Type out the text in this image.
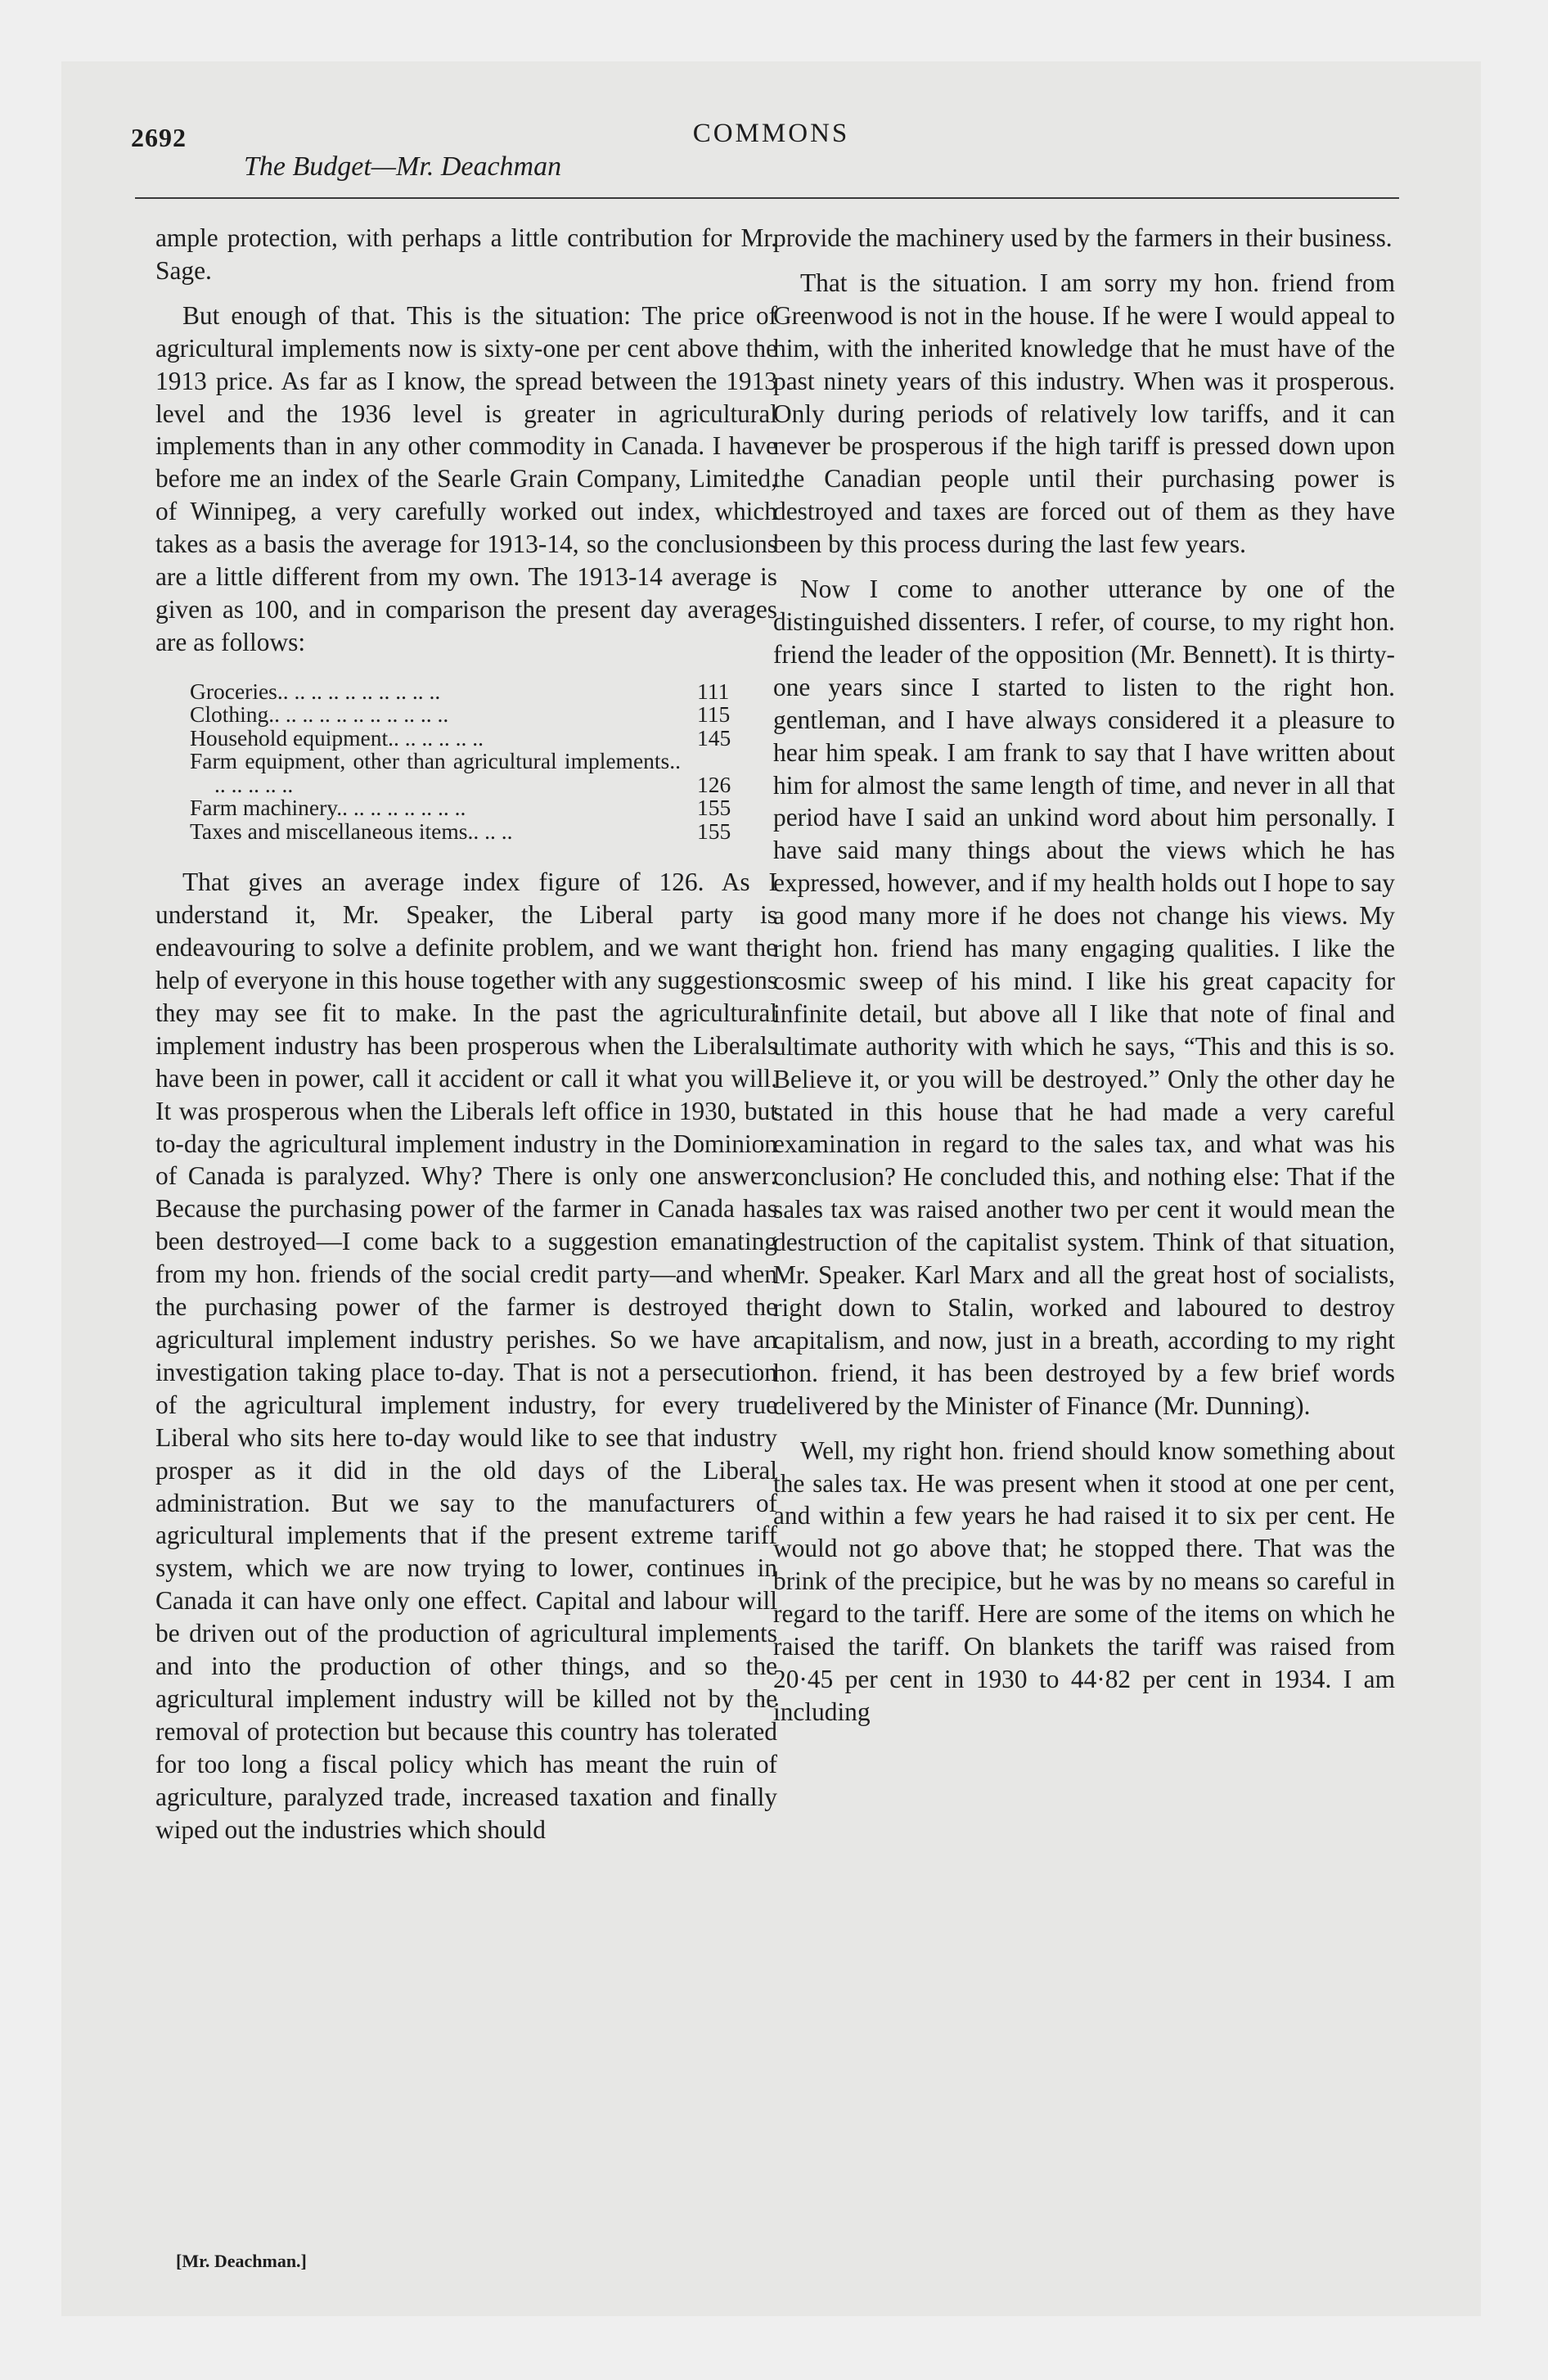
2692	COMMONS
The Budget—Mr. Deachman

ample protection, with perhaps a little contribution for Mr. Sage.

But enough of that. This is the situation: The price of agricultural implements now is sixty-one per cent above the 1913 price. As far as I know, the spread between the 1913 level and the 1936 level is greater in agricultural implements than in any other commodity in Canada. I have before me an index of the Searle Grain Company, Limited, of Winnipeg, a very carefully worked out index, which takes as a basis the average for 1913-14, so the conclusions are a little different from my own. The 1913-14 average is given as 100, and in comparison the present day averages are as follows:

Groceries.. .. .. .. .. .. .. .. .. ..	111

Clothing.. .. .. .. .. .. .. .. .. .. ..	115

Household equipment.. .. .. .. .. ..	145

Farm equipment, other than agricultural implements.. .. .. .. .. ..	126

Farm machinery.. .. .. .. .. .. .. ..	155

Taxes and miscellaneous items.. .. ..	155

That gives an average index figure of 126. As I understand it, Mr. Speaker, the Liberal party is endeavouring to solve a definite problem, and we want the help of everyone in this house together with any suggestions they may see fit to make. In the past the agricultural implement industry has been prosperous when the Liberals have been in power, call it accident or call it what you will. It was prosperous when the Liberals left office in 1930, but to-day the agricultural implement industry in the Dominion of Canada is paralyzed. Why? There is only one answer: Because the purchasing power of the farmer in Canada has been destroyed—I come back to a suggestion emanating from my hon. friends of the social credit party—and when the purchasing power of the farmer is destroyed the agricultural implement industry perishes. So we have an investigation taking place to-day. That is not a persecution of the agricultural implement industry, for every true Liberal who sits here to-day would like to see that industry prosper as it did in the old days of the Liberal administration. But we say to the manufacturers of agricultural implements that if the present extreme tariff system, which we are now trying to lower, continues in Canada it can have only one effect. Capital and labour will be driven out of the production of agricultural implements and into the production of other things, and so the agricultural implement industry will be killed not by the removal of protection but because this country has tolerated for too long a fiscal policy which has meant the ruin of agriculture, paralyzed trade, increased taxation and finally wiped out the industries which should

provide the machinery used by the farmers in their business.

That is the situation. I am sorry my hon. friend from Greenwood is not in the house. If he were I would appeal to him, with the inherited knowledge that he must have of the past ninety years of this industry. When was it prosperous. Only during periods of relatively low tariffs, and it can never be prosperous if the high tariff is pressed down upon the Canadian people until their purchasing power is destroyed and taxes are forced out of them as they have been by this process during the last few years.

Now I come to another utterance by one of the distinguished dissenters. I refer, of course, to my right hon. friend the leader of the opposition (Mr. Bennett). It is thirty-one years since I started to listen to the right hon. gentleman, and I have always considered it a pleasure to hear him speak. I am frank to say that I have written about him for almost the same length of time, and never in all that period have I said an unkind word about him personally. I have said many things about the views which he has expressed, however, and if my health holds out I hope to say a good many more if he does not change his views. My right hon. friend has many engaging qualities. I like the cosmic sweep of his mind. I like his great capacity for infinite detail, but above all I like that note of final and ultimate authority with which he says, “This and this is so. Believe it, or you will be destroyed.” Only the other day he stated in this house that he had made a very careful examination in regard to the sales tax, and what was his conclusion? He concluded this, and nothing else: That if the sales tax was raised another two per cent it would mean the destruction of the capitalist system. Think of that situation, Mr. Speaker. Karl Marx and all the great host of socialists, right down to Stalin, worked and laboured to destroy capitalism, and now, just in a breath, according to my right hon. friend, it has been destroyed by a few brief words delivered by the Minister of Finance (Mr. Dunning).

Well, my right hon. friend should know something about the sales tax. He was present when it stood at one per cent, and within a few years he had raised it to six per cent. He would not go above that; he stopped there. That was the brink of the precipice, but he was by no means so careful in regard to the tariff. Here are some of the items on which he raised the tariff. On blankets the tariff was raised from 20·45 per cent in 1930 to 44·82 per cent in 1934. I am including

[Mr. Deachman.]
